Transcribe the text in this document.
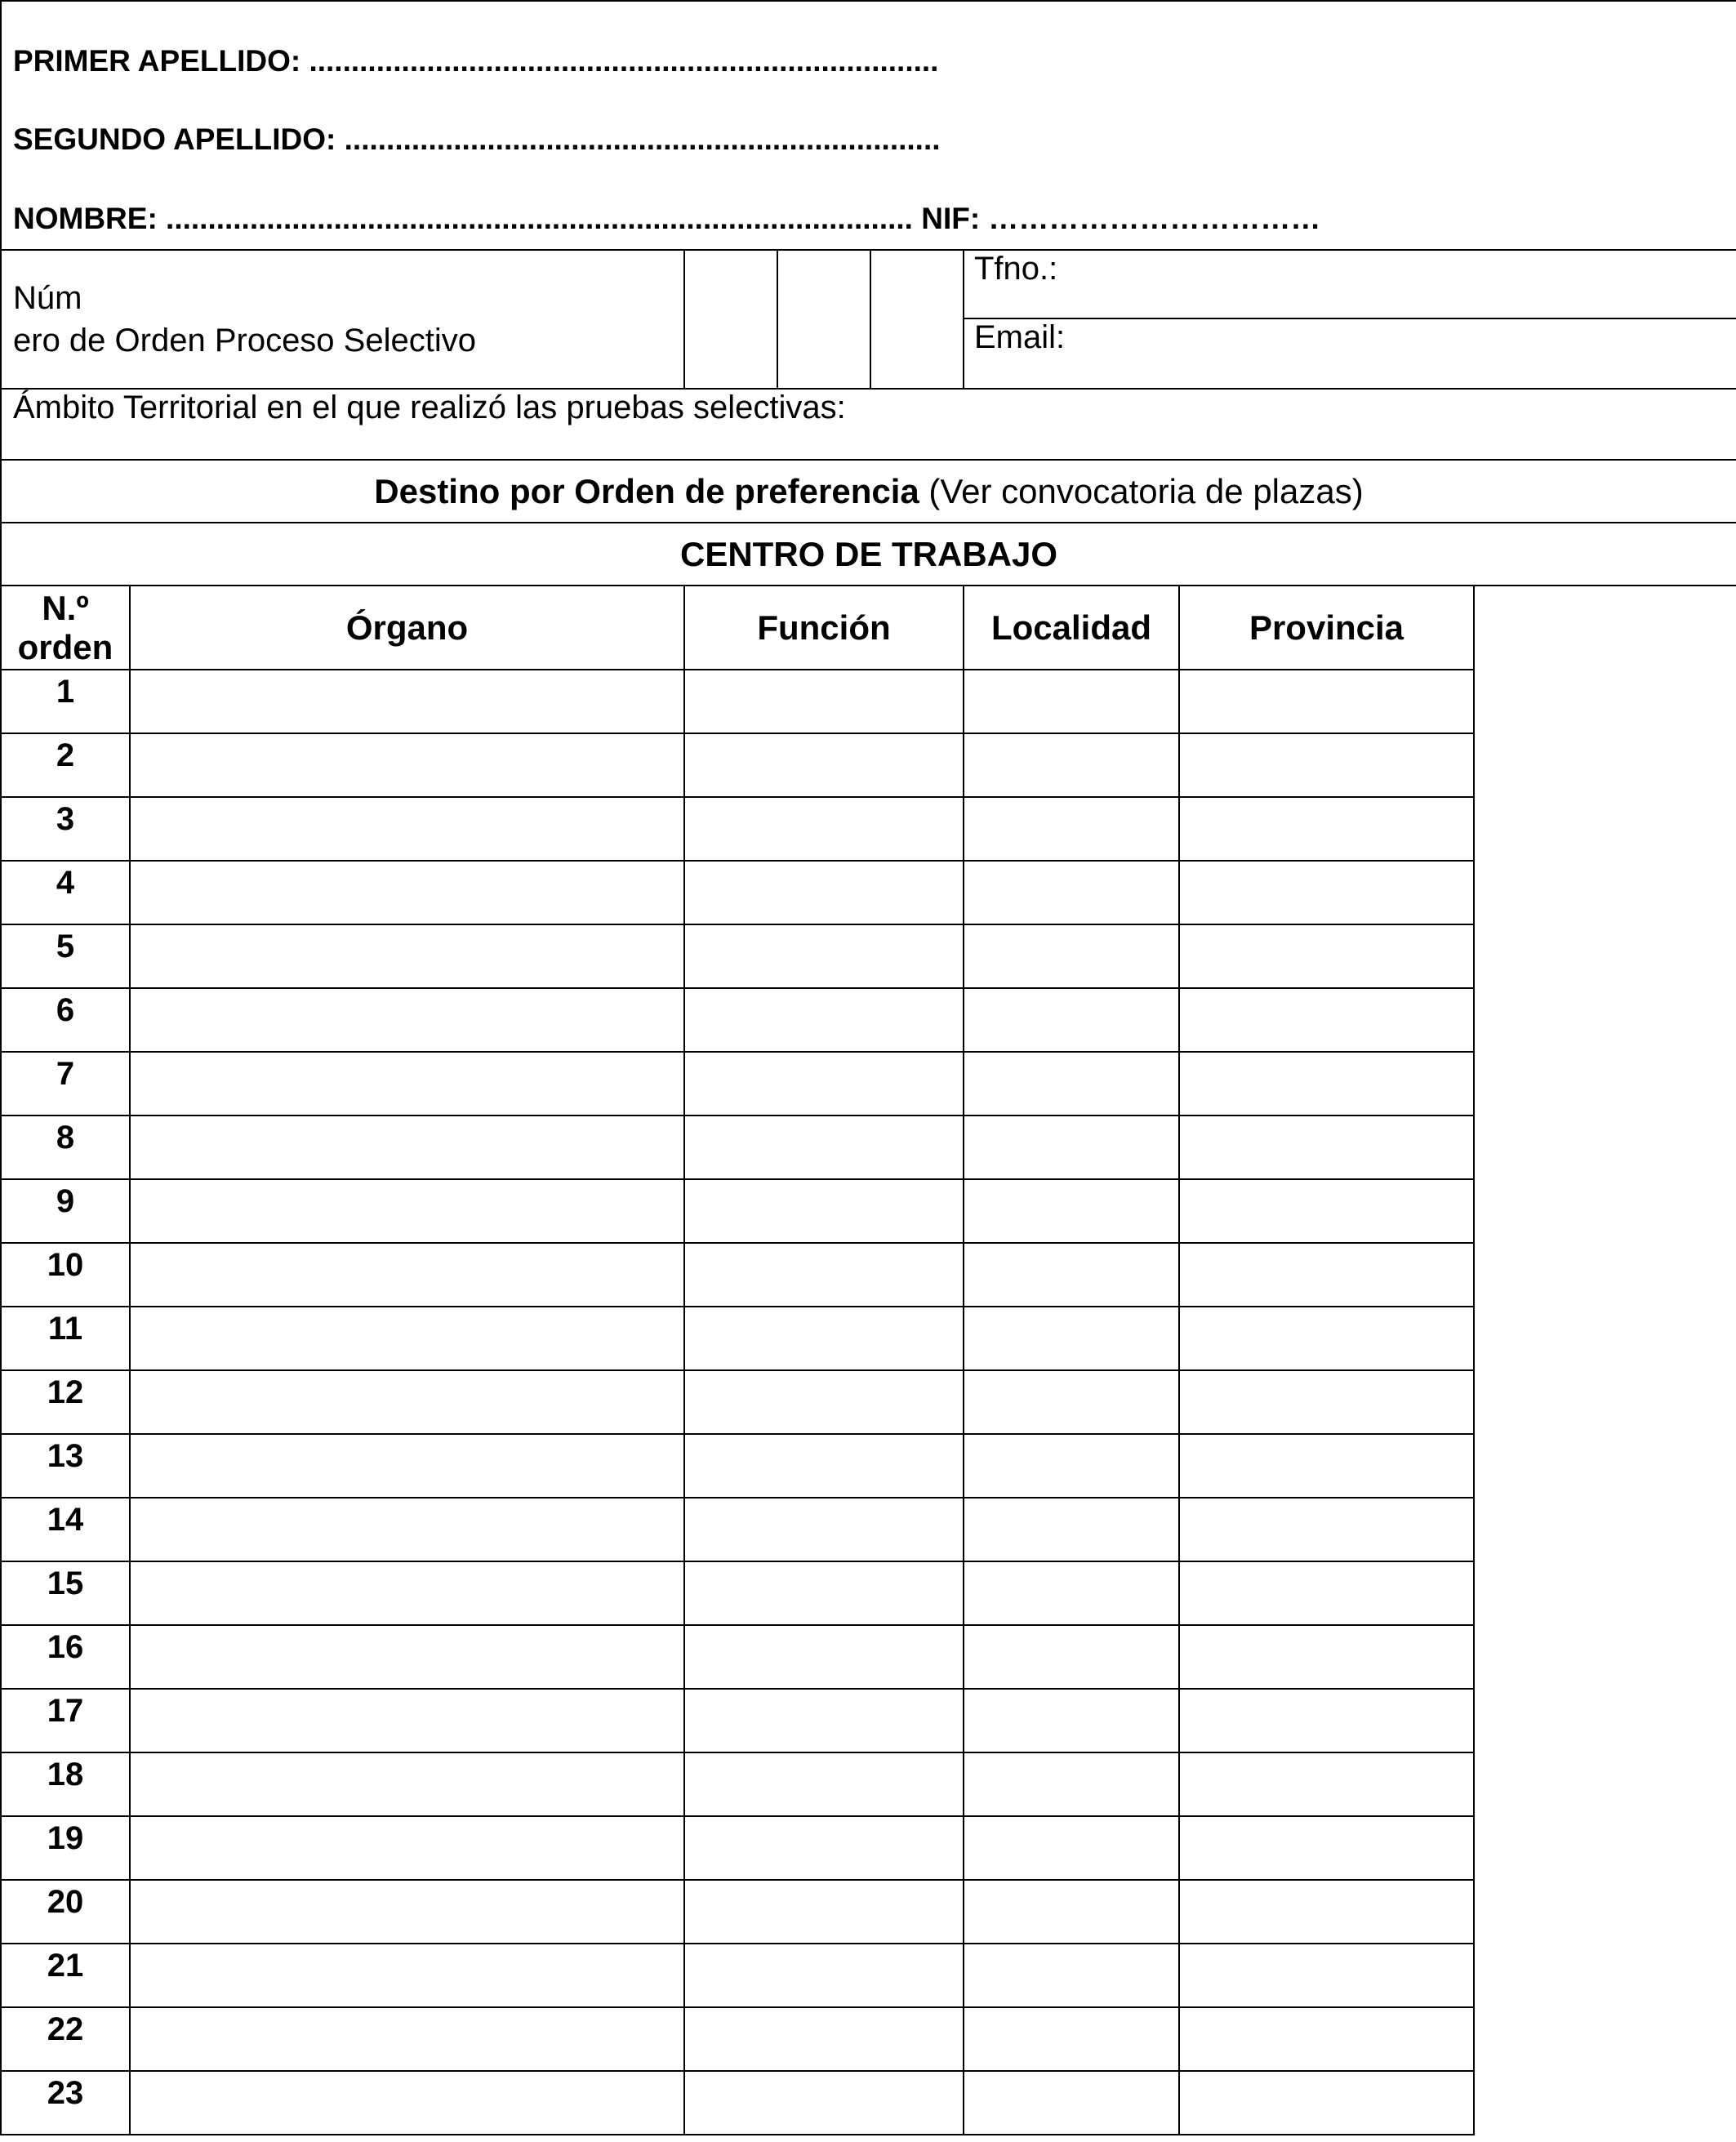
PRIMER APELLIDO: ...........................................................................
SEGUNDO APELLIDO: .......................................................................
NOMBRE: ......................................................................................... NIF: ……………………………						

Núm
ero de Orden Proceso Selectivo					Tfno.:	
					Email:	
Ámbito Territorial en el que realizó las pruebas selectivas:						
Destino por Orden de preferencia (Ver convocatoria de plazas)						
CENTRO DE TRABAJO						

N.º
orden	Órgano	Función			Localidad	Provincia
1						
2						
3						
4						
5						
6						
7						
8						
9						
10						
11						
12						
13						
14						
15						
16						
17						
18						
19						
20						
21						
22						
23						
